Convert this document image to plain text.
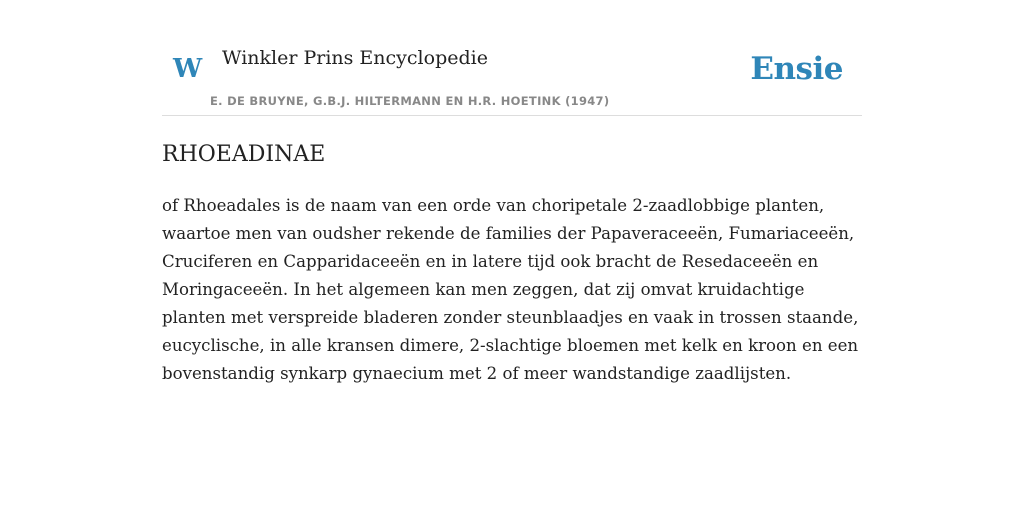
W Winkler Prins Encyclopedie
E. DE BRUYNE, G.B.J. HILTERMANN EN H.R. HOETINK (1947)
Ensie
RHOEADINAE

of Rhoeadales is de naam van een orde van choripetale 2-zaadlobbige planten,
waartoe men van oudsher rekende de families der Papaveraceeën, Fumariaceeën,
Cruciferen en Capparidaceeën en in latere tijd ook bracht de Resedaceeën en
Moringaceeën. In het algemeen kan men zeggen, dat zij omvat kruidachtige
planten met verspreide bladeren zonder steunblaadjes en vaak in trossen staande,
eucyclische, in alle kransen dimere, 2-slachtige bloemen met kelk en kroon en een
bovenstandig synkarp gynaecium met 2 of meer wandstandige zaadlijsten.
